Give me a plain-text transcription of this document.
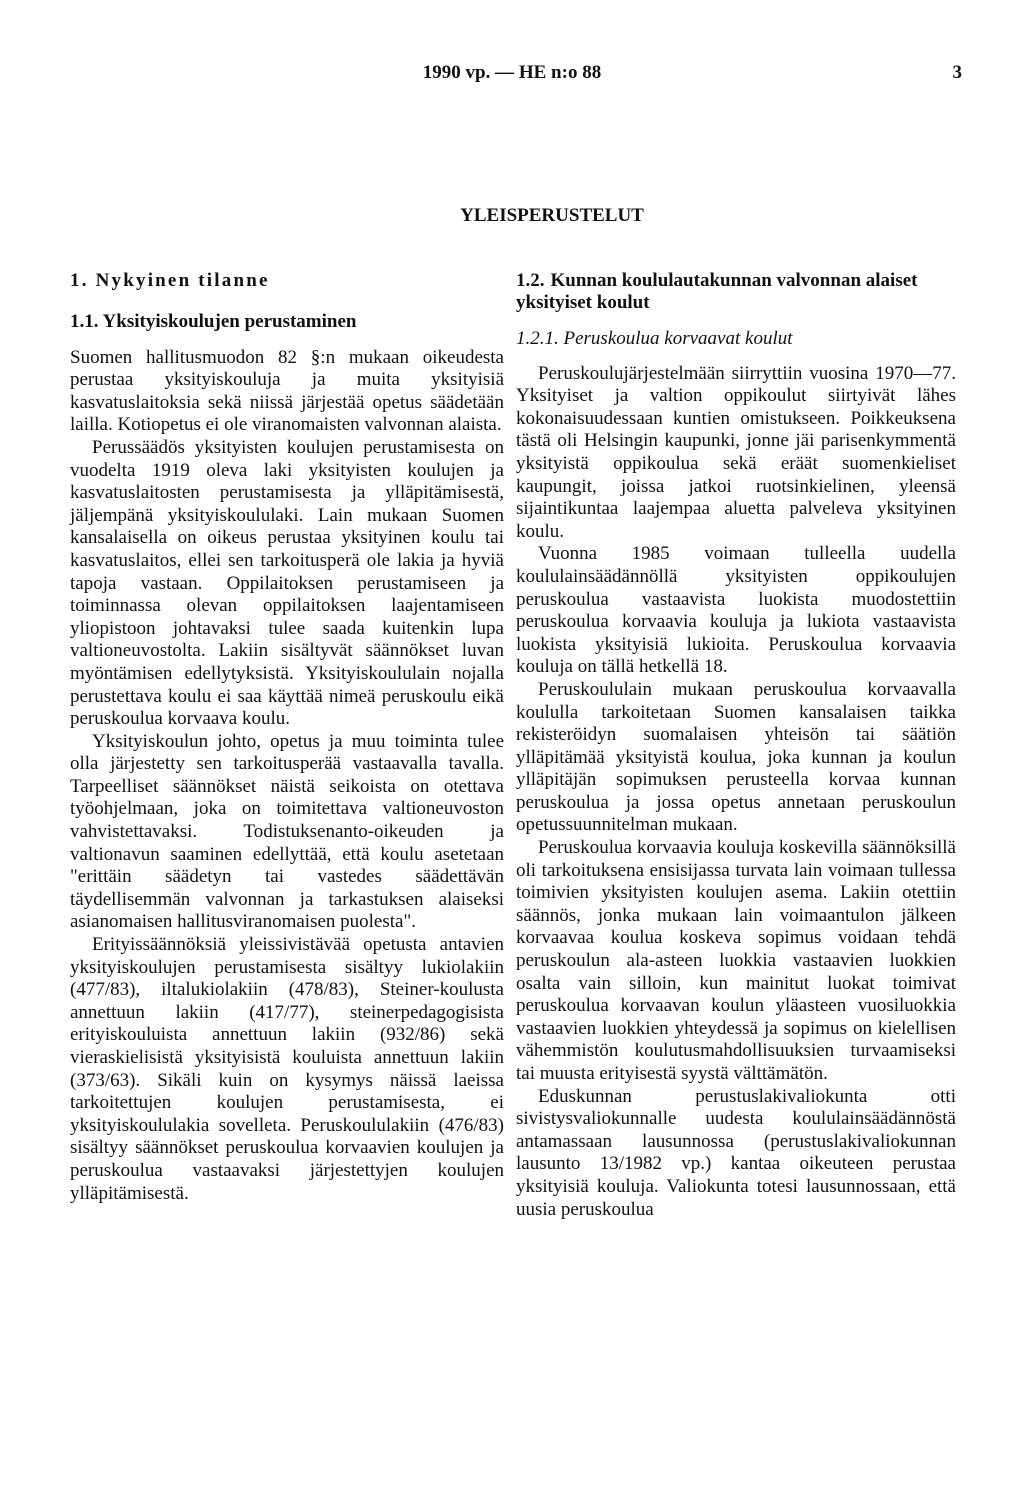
1990 vp. — HE n:o 88	3
YLEISPERUSTELUT
1. Nykyinen tilanne
1.1. Yksityiskoulujen perustaminen

Suomen hallitusmuodon 82 §:n mukaan oikeudesta perustaa yksityiskouluja ja muita yksityisiä kasvatuslaitoksia sekä niissä järjestää opetus säädetään lailla. Kotiopetus ei ole viranomaisten valvonnan alaista.

Perussäädös yksityisten koulujen perustamisesta on vuodelta 1919 oleva laki yksityisten koulujen ja kasvatuslaitosten perustamisesta ja ylläpitämisestä, jäljempänä yksityiskoululaki. Lain mukaan Suomen kansalaisella on oikeus perustaa yksityinen koulu tai kasvatuslaitos, ellei sen tarkoitusperä ole lakia ja hyviä tapoja vastaan. Oppilaitoksen perustamiseen ja toiminnassa olevan oppilaitoksen laajentamiseen yliopistoon johtavaksi tulee saada kuitenkin lupa valtioneuvostolta. Lakiin sisältyvät säännökset luvan myöntämisen edellytyksistä. Yksityiskoululain nojalla perustettava koulu ei saa käyttää nimeä peruskoulu eikä peruskoulua korvaava koulu.

Yksityiskoulun johto, opetus ja muu toiminta tulee olla järjestetty sen tarkoitusperää vastaavalla tavalla. Tarpeelliset säännökset näistä seikoista on otettava työohjelmaan, joka on toimitettava valtioneuvoston vahvistettavaksi. Todistuksenanto-oikeuden ja valtionavun saaminen edellyttää, että koulu asetetaan "erittäin säädetyn tai vastedes säädettävän täydellisemmän valvonnan ja tarkastuksen alaiseksi asianomaisen hallitusviranomaisen puolesta".

Erityissäännöksiä yleissivistävää opetusta antavien yksityiskoulujen perustamisesta sisältyy lukiolakiin (477/83), iltalukiolakiin (478/83), Steiner-koulusta annettuun lakiin (417/77), steinerpedagogisista erityiskouluista annettuun lakiin (932/86) sekä vieraskielisistä yksityisistä kouluista annettuun lakiin (373/63). Sikäli kuin on kysymys näissä laeissa tarkoitettujen koulujen perustamisesta, ei yksityiskoululakia sovelleta. Peruskoululakiin (476/83) sisältyy säännökset peruskoulua korvaavien koulujen ja peruskoulua vastaavaksi järjestettyjen koulujen ylläpitämisestä.

1.2. Kunnan koululautakunnan valvonnan alaiset yksityiset koulut
1.2.1. Peruskoulua korvaavat koulut

Peruskoulujärjestelmään siirryttiin vuosina 1970—77. Yksityiset ja valtion oppikoulut siirtyivät lähes kokonaisuudessaan kuntien omistukseen. Poikkeuksena tästä oli Helsingin kaupunki, jonne jäi parisenkymmentä yksityistä oppikoulua sekä eräät suomenkieliset kaupungit, joissa jatkoi ruotsinkielinen, yleensä sijaintikuntaa laajempaa aluetta palveleva yksityinen koulu.

Vuonna 1985 voimaan tulleella uudella koululainsäädännöllä yksityisten oppikoulujen peruskoulua vastaavista luokista muodostettiin peruskoulua korvaavia kouluja ja lukiota vastaavista luokista yksityisiä lukioita. Peruskoulua korvaavia kouluja on tällä hetkellä 18.

Peruskoululain mukaan peruskoulua korvaavalla koululla tarkoitetaan Suomen kansalaisen taikka rekisteröidyn suomalaisen yhteisön tai säätiön ylläpitämää yksityistä koulua, joka kunnan ja koulun ylläpitäjän sopimuksen perusteella korvaa kunnan peruskoulua ja jossa opetus annetaan peruskoulun opetussuunnitelman mukaan.

Peruskoulua korvaavia kouluja koskevilla säännöksillä oli tarkoituksena ensisijassa turvata lain voimaan tullessa toimivien yksityisten koulujen asema. Lakiin otettiin säännös, jonka mukaan lain voimaantulon jälkeen korvaavaa koulua koskeva sopimus voidaan tehdä peruskoulun ala-asteen luokkia vastaavien luokkien osalta vain silloin, kun mainitut luokat toimivat peruskoulua korvaavan koulun yläasteen vuosiluokkia vastaavien luokkien yhteydessä ja sopimus on kielellisen vähemmistön koulutusmahdollisuuksien turvaamiseksi tai muusta erityisestä syystä välttämätön.

Eduskunnan perustuslakivaliokunta otti sivistysvaliokunnalle uudesta koululainsäädännöstä antamassaan lausunnossa (perustuslakivaliokunnan lausunto 13/1982 vp.) kantaa oikeuteen perustaa yksityisiä kouluja. Valiokunta totesi lausunnossaan, että uusia peruskoulua
